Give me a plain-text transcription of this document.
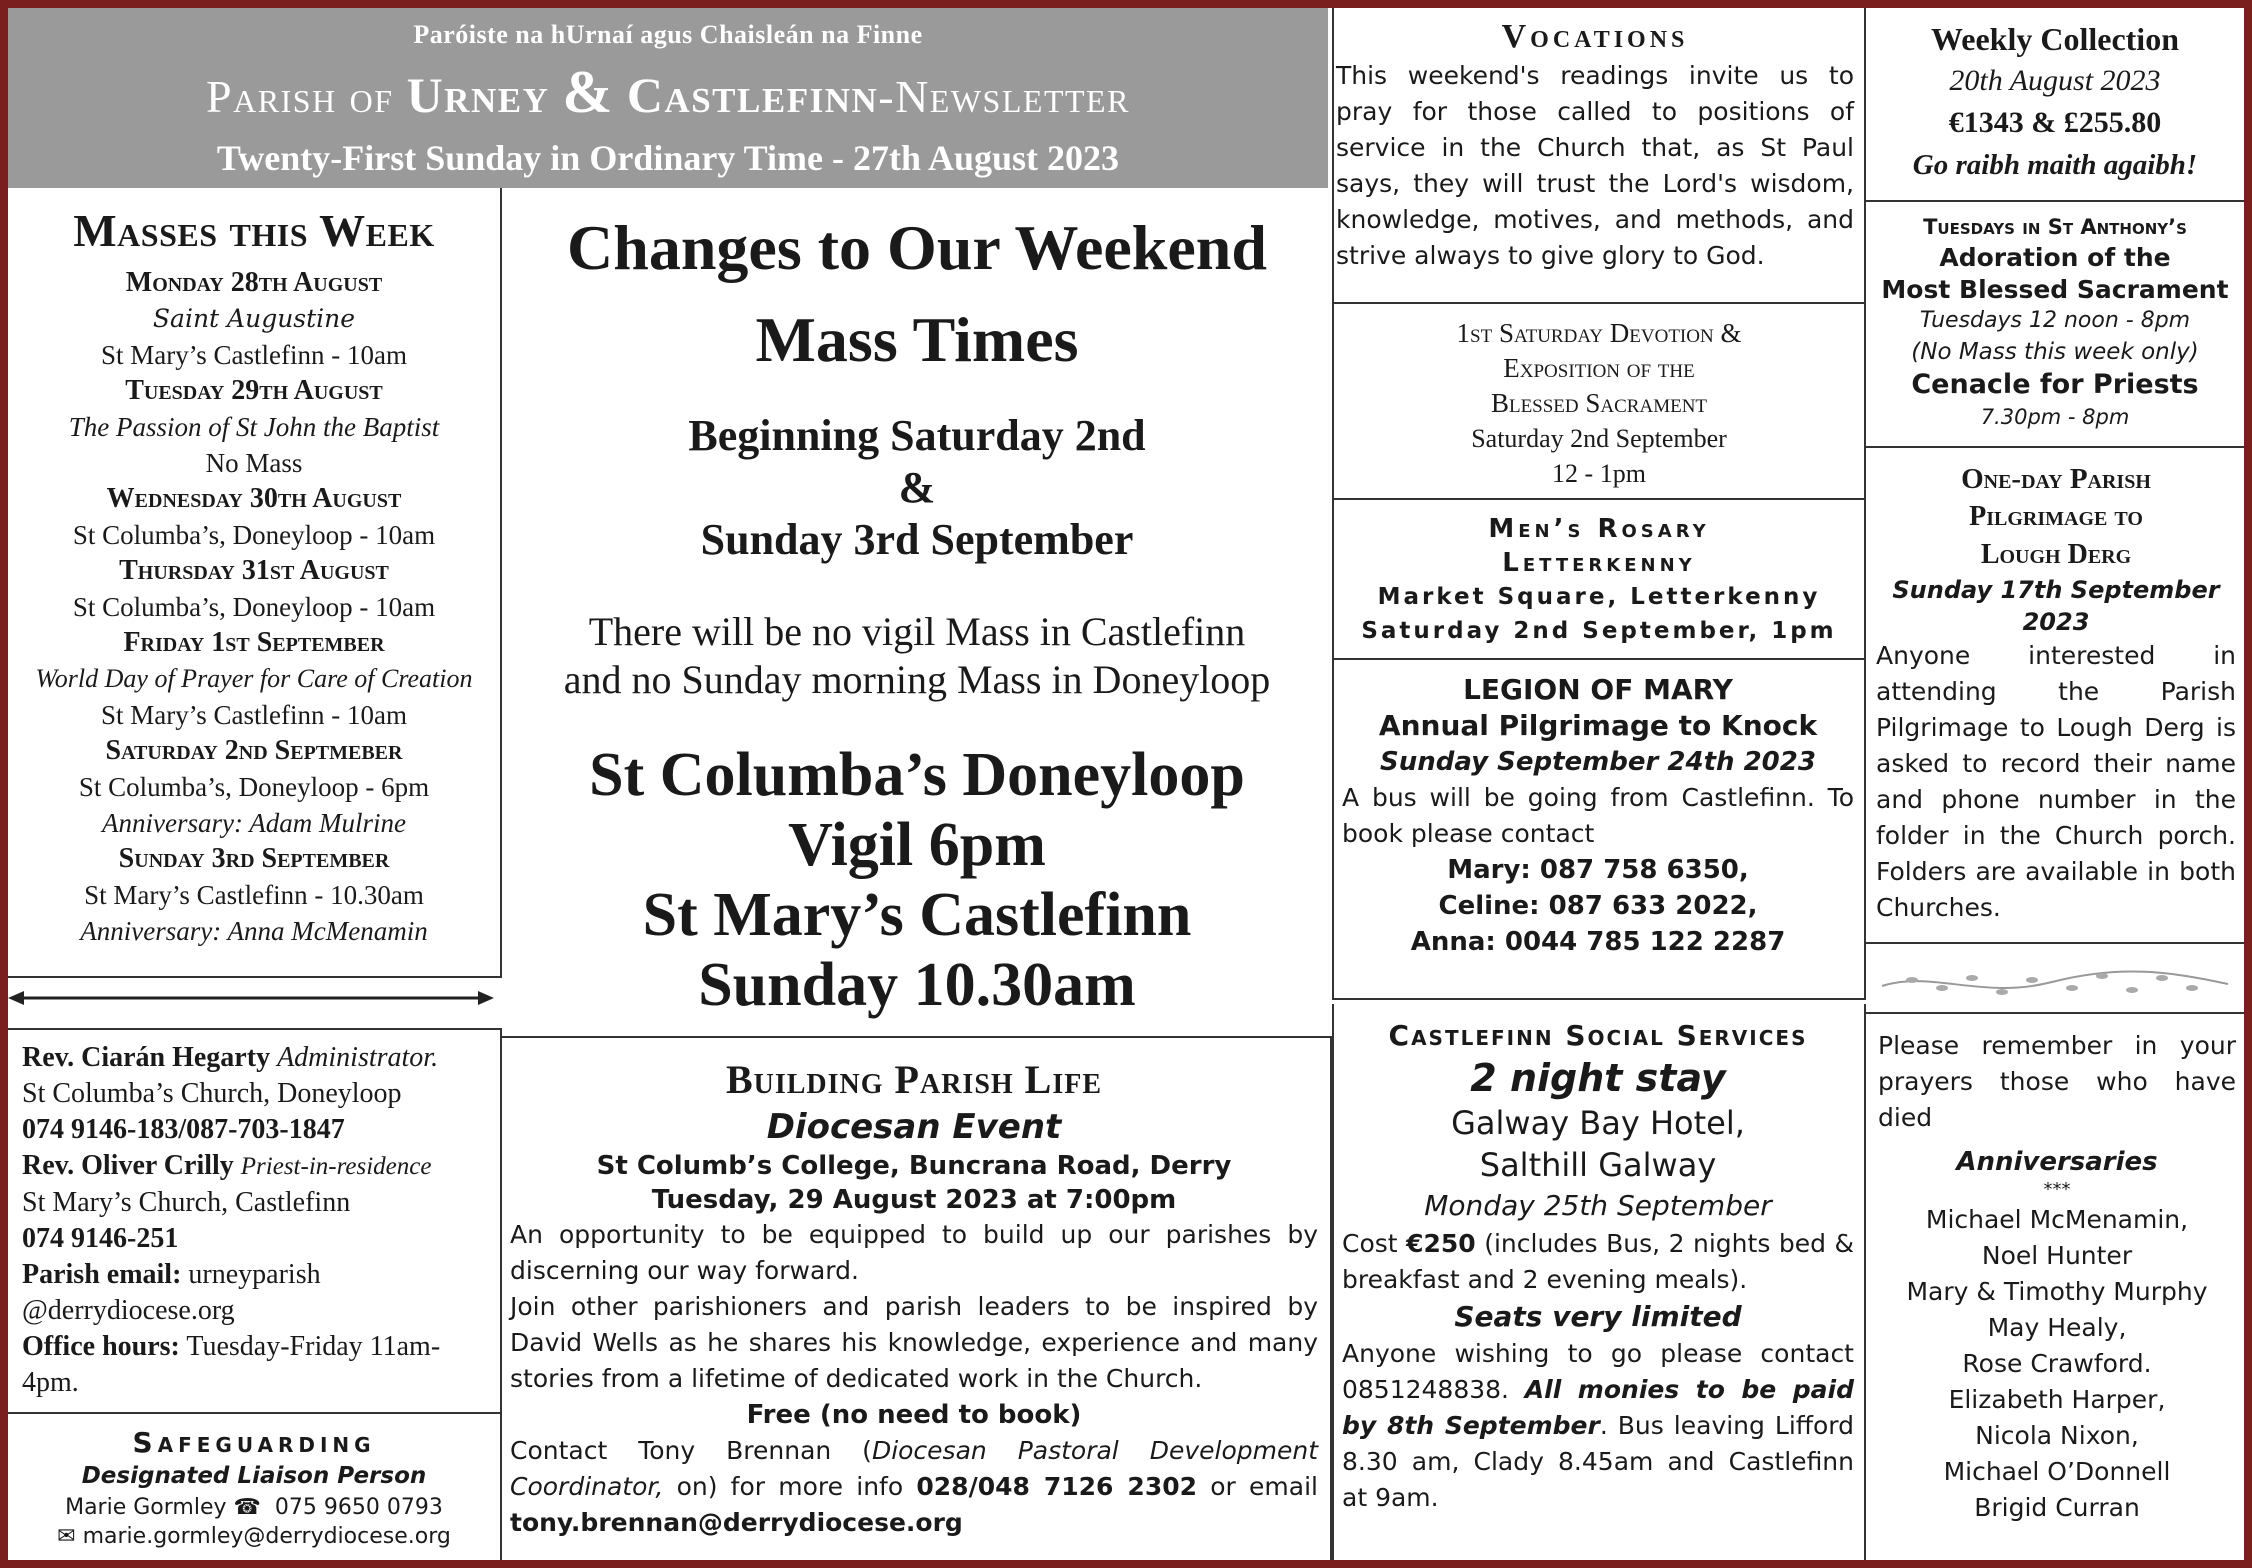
Paróiste na hUrnaí agus Chaisleán na Finne
Parish of Urney & Castlefinn-Newsletter
Twenty-First Sunday in Ordinary Time - 27th August 2023
Masses this Week
Monday 28th August
Saint Augustine
St Mary’s Castlefinn - 10am
Tuesday 29th August
The Passion of St John the Baptist
No Mass
Wednesday 30th August
St Columba’s, Doneyloop - 10am
Thursday 31st August
St Columba’s, Doneyloop - 10am
Friday 1st September
World Day of Prayer for Care of Creation
St Mary’s Castlefinn - 10am
Saturday 2nd Septmeber
St Columba’s, Doneyloop - 6pm
Anniversary: Adam Mulrine
Sunday 3rd September
St Mary’s Castlefinn - 10.30am
Anniversary: Anna McMenamin
Rev. Ciarán Hegarty Administrator.
St Columba’s Church, Doneyloop
074 9146-183/087-703-1847
Rev. Oliver Crilly Priest-in-residence
St Mary’s Church, Castlefinn
074 9146-251
Parish email: urneyparish
@derrydiocese.org
Office hours: Tuesday-Friday 11am-
4pm.
Safeguarding
Designated Liaison Person
Marie Gormley ☎ 075 9650 0793
✉ marie.gormley@derrydiocese.org
Changes to Our Weekend
Mass Times
Beginning Saturday 2nd
&
Sunday 3rd September
There will be no vigil Mass in Castlefinn
and no Sunday morning Mass in Doneyloop
St Columba’s Doneyloop
Vigil 6pm
St Mary’s Castlefinn
Sunday 10.30am
Building Parish Life
Diocesan Event
St Columb’s College, Buncrana Road, Derry
Tuesday, 29 August 2023 at 7:00pm
An opportunity to be equipped to build up our parishes by discerning our way forward.
Join other parishioners and parish leaders to be inspired by David Wells as he shares his knowledge, experience and many stories from a lifetime of dedicated work in the Church.
Free (no need to book)
Contact Tony Brennan (Diocesan Pastoral Development Coordinator, on) for more info 028/048 7126 2302 or email tony.brennan@derrydiocese.org
Vocations
This weekend's readings invite us to pray for those called to positions of service in the Church that, as St Paul says, they will trust the Lord's wisdom, knowledge, motives, and methods, and strive always to give glory to God.
1st Saturday Devotion &
Exposition of the
Blessed Sacrament
Saturday 2nd September
12 - 1pm
Men’s Rosary
Letterkenny
Market Square, Letterkenny
Saturday 2nd September, 1pm
LEGION OF MARY
Annual Pilgrimage to Knock
Sunday September 24th 2023
A bus will be going from Castlefinn. To book please contact
Mary: 087 758 6350,
Celine: 087 633 2022,
Anna: 0044 785 122 2287
Castlefinn Social Services
2 night stay
Galway Bay Hotel,
Salthill Galway
Monday 25th September
Cost €250 (includes Bus, 2 nights bed & breakfast and 2 evening meals).
Seats very limited
Anyone wishing to go please contact 0851248838. All monies to be paid by 8th September. Bus leaving Lifford 8.30 am, Clady 8.45am and Castlefinn at 9am.
Weekly Collection
20th August 2023
€1343 & £255.80
Go raibh maith agaibh!
Tuesdays in St Anthony’s
Adoration of the
Most Blessed Sacrament
Tuesdays 12 noon - 8pm
(No Mass this week only)
Cenacle for Priests
7.30pm - 8pm
One-day Parish
Pilgrimage to
Lough Derg
Sunday 17th September
2023
Anyone interested in attending the Parish Pilgrimage to Lough Derg is asked to record their name and phone number in the folder in the Church porch. Folders are available in both Churches.
Please remember in your prayers those who have died
Anniversaries
***
Michael McMenamin,
Noel Hunter
Mary & Timothy Murphy
May Healy,
Rose Crawford.
Elizabeth Harper,
Nicola Nixon,
Michael O’Donnell
Brigid Curran
